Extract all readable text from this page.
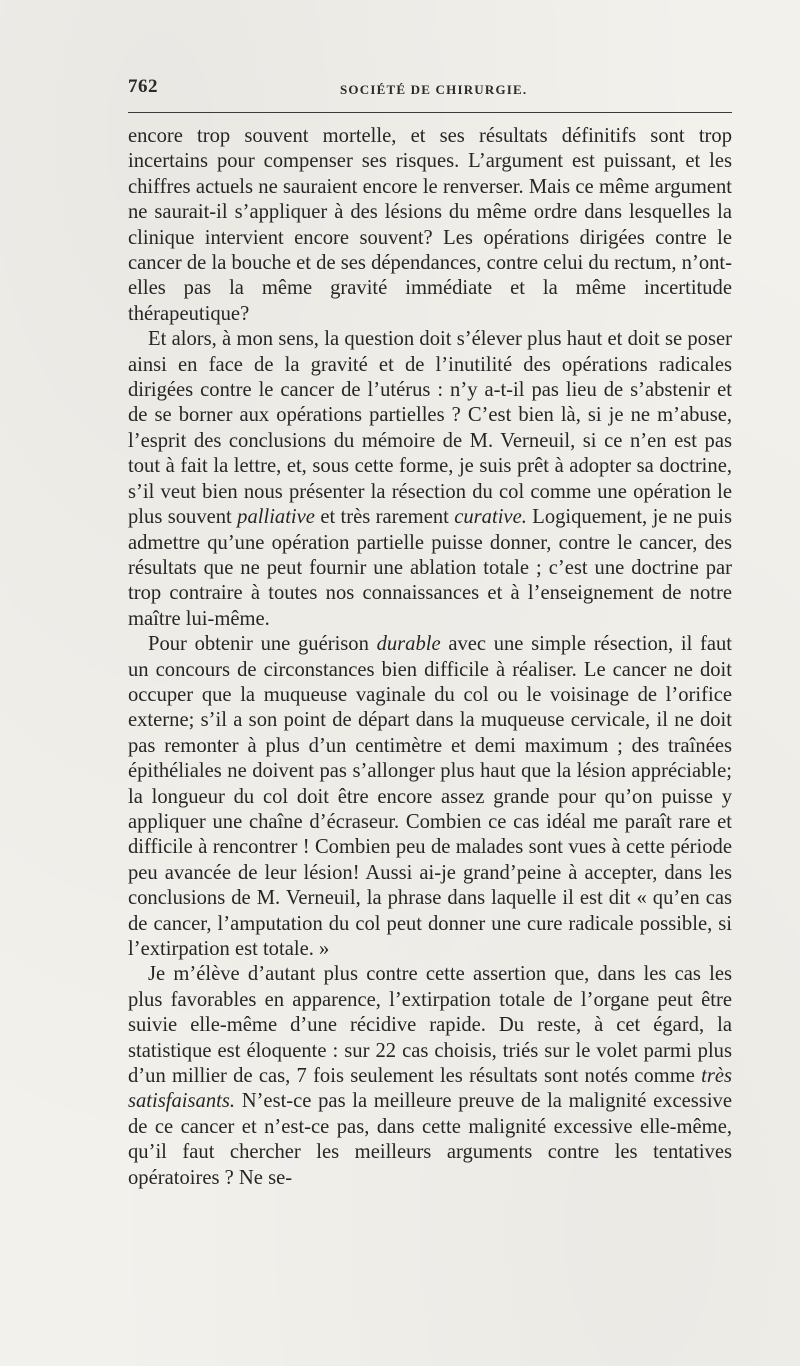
762	SOCIÉTÉ DE CHIRURGIE.

encore trop souvent mortelle, et ses résultats définitifs sont trop incertains pour compenser ses risques. L’argument est puissant, et les chiffres actuels ne sauraient encore le renverser. Mais ce même argument ne saurait-il s’appliquer à des lésions du même ordre dans lesquelles la clinique intervient encore souvent? Les opérations dirigées contre le cancer de la bouche et de ses dépendances, contre celui du rectum, n’ont-elles pas la même gravité immédiate et la même incertitude thérapeutique?

Et alors, à mon sens, la question doit s’élever plus haut et doit se poser ainsi en face de la gravité et de l’inutilité des opérations radicales dirigées contre le cancer de l’utérus : n’y a-t-il pas lieu de s’abstenir et de se borner aux opérations partielles ? C’est bien là, si je ne m’abuse, l’esprit des conclusions du mémoire de M. Verneuil, si ce n’en est pas tout à fait la lettre, et, sous cette forme, je suis prêt à adopter sa doctrine, s’il veut bien nous présenter la résection du col comme une opération le plus souvent palliative et très rarement curative. Logiquement, je ne puis admettre qu’une opération partielle puisse donner, contre le cancer, des résultats que ne peut fournir une ablation totale ; c’est une doctrine par trop contraire à toutes nos connaissances et à l’enseignement de notre maître lui-même.

Pour obtenir une guérison durable avec une simple résection, il faut un concours de circonstances bien difficile à réaliser. Le cancer ne doit occuper que la muqueuse vaginale du col ou le voisinage de l’orifice externe; s’il a son point de départ dans la muqueuse cervicale, il ne doit pas remonter à plus d’un centimètre et demi maximum ; des traînées épithéliales ne doivent pas s’allonger plus haut que la lésion appréciable; la longueur du col doit être encore assez grande pour qu’on puisse y appliquer une chaîne d’écraseur. Combien ce cas idéal me paraît rare et difficile à rencontrer ! Combien peu de malades sont vues à cette période peu avancée de leur lésion! Aussi ai-je grand’peine à accepter, dans les conclusions de M. Verneuil, la phrase dans laquelle il est dit « qu’en cas de cancer, l’amputation du col peut donner une cure radicale possible, si l’extirpation est totale. »

Je m’élève d’autant plus contre cette assertion que, dans les cas les plus favorables en apparence, l’extirpation totale de l’organe peut être suivie elle-même d’une récidive rapide. Du reste, à cet égard, la statistique est éloquente : sur 22 cas choisis, triés sur le volet parmi plus d’un millier de cas, 7 fois seulement les résultats sont notés comme très satisfaisants. N’est-ce pas la meilleure preuve de la malignité excessive de ce cancer et n’est-ce pas, dans cette malignité excessive elle-même, qu’il faut chercher les meilleurs arguments contre les tentatives opératoires ? Ne se-
